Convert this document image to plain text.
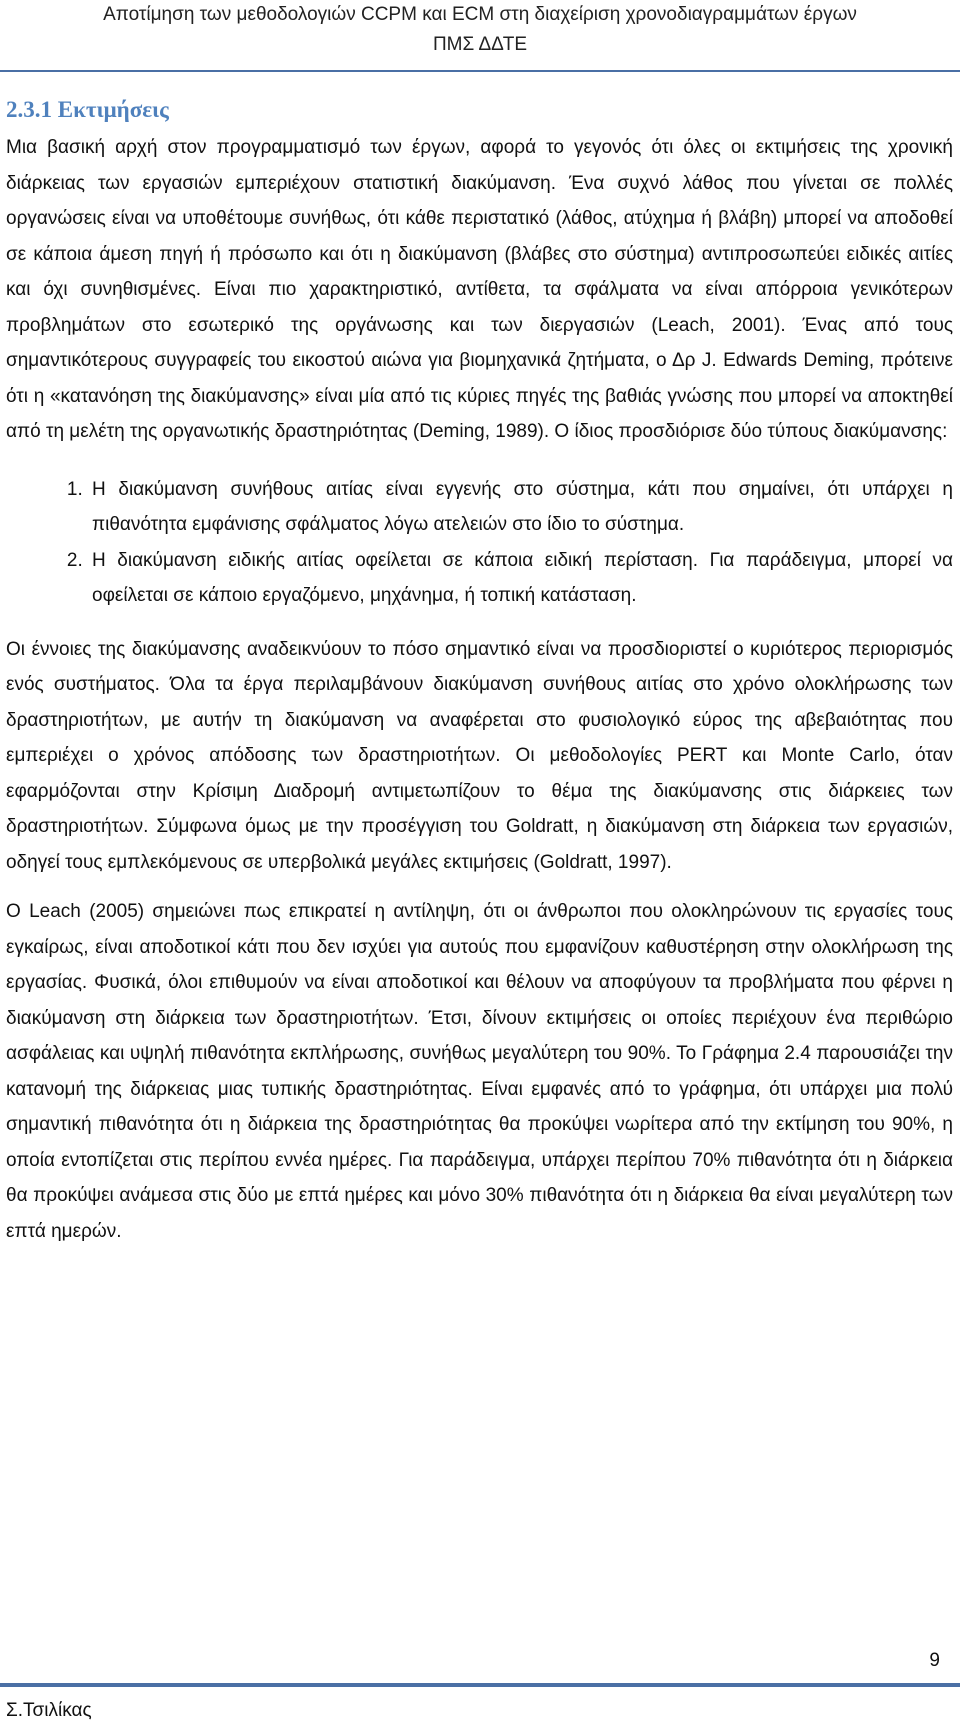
Αποτίμηση των μεθοδολογιών CCPM και ECM στη διαχείριση χρονοδιαγραμμάτων έργων
ΠΜΣ ΔΔΤΕ
2.3.1 Εκτιμήσεις

Μια βασική αρχή στον προγραμματισμό των έργων, αφορά το γεγονός ότι όλες οι εκτιμήσεις της χρονική διάρκειας των εργασιών εμπεριέχουν στατιστική διακύμανση. Ένα συχνό λάθος που γίνεται σε πολλές οργανώσεις είναι να υποθέτουμε συνήθως, ότι κάθε περιστατικό (λάθος, ατύχημα ή βλάβη) μπορεί να αποδοθεί σε κάποια άμεση πηγή ή πρόσωπο και ότι η διακύμανση (βλάβες στο σύστημα) αντιπροσωπεύει ειδικές αιτίες και όχι συνηθισμένες. Είναι πιο χαρακτηριστικό, αντίθετα, τα σφάλματα να είναι απόρροια γενικότερων προβλημάτων στο εσωτερικό της οργάνωσης και των διεργασιών (Leach, 2001). Ένας από τους σημαντικότερους συγγραφείς του εικοστού αιώνα για βιομηχανικά ζητήματα, ο Δρ J. Edwards Deming, πρότεινε ότι η «κατανόηση της διακύμανσης» είναι μία από τις κύριες πηγές της βαθιάς γνώσης που μπορεί να αποκτηθεί από τη μελέτη της οργανωτικής δραστηριότητας (Deming, 1989). Ο ίδιος προσδιόρισε δύο τύπους διακύμανσης:

1. Η διακύμανση συνήθους αιτίας είναι εγγενής στο σύστημα, κάτι που σημαίνει, ότι υπάρχει η πιθανότητα εμφάνισης σφάλματος λόγω ατελειών στο ίδιο το σύστημα.
2. Η διακύμανση ειδικής αιτίας οφείλεται σε κάποια ειδική περίσταση. Για παράδειγμα, μπορεί να οφείλεται σε κάποιο εργαζόμενο, μηχάνημα, ή τοπική κατάσταση.

Οι έννοιες της διακύμανσης αναδεικνύουν το πόσο σημαντικό είναι να προσδιοριστεί ο κυριότερος περιορισμός ενός συστήματος. Όλα τα έργα περιλαμβάνουν διακύμανση συνήθους αιτίας στο χρόνο ολοκλήρωσης των δραστηριοτήτων, με αυτήν τη διακύμανση να αναφέρεται στο φυσιολογικό εύρος της αβεβαιότητας που εμπεριέχει ο χρόνος απόδοσης των δραστηριοτήτων. Οι μεθοδολογίες PERT και Monte Carlo, όταν εφαρμόζονται στην Κρίσιμη Διαδρομή αντιμετωπίζουν το θέμα της διακύμανσης στις διάρκειες των δραστηριοτήτων. Σύμφωνα όμως με την προσέγγιση του Goldratt, η διακύμανση στη διάρκεια των εργασιών, οδηγεί τους εμπλεκόμενους σε υπερβολικά μεγάλες εκτιμήσεις (Goldratt, 1997).

Ο Leach (2005) σημειώνει πως επικρατεί η αντίληψη, ότι οι άνθρωποι που ολοκληρώνουν τις εργασίες τους εγκαίρως, είναι αποδοτικοί κάτι που δεν ισχύει για αυτούς που εμφανίζουν καθυστέρηση στην ολοκλήρωση της εργασίας. Φυσικά, όλοι επιθυμούν να είναι αποδοτικοί και θέλουν να αποφύγουν τα προβλήματα που φέρνει η διακύμανση στη διάρκεια των δραστηριοτήτων. Έτσι, δίνουν εκτιμήσεις οι οποίες περιέχουν ένα περιθώριο ασφάλειας και υψηλή πιθανότητα εκπλήρωσης, συνήθως μεγαλύτερη του 90%. Το Γράφημα 2.4 παρουσιάζει την κατανομή της διάρκειας μιας τυπικής δραστηριότητας. Είναι εμφανές από το γράφημα, ότι υπάρχει μια πολύ σημαντική πιθανότητα ότι η διάρκεια της δραστηριότητας θα προκύψει νωρίτερα από την εκτίμηση του 90%, η οποία εντοπίζεται στις περίπου εννέα ημέρες. Για παράδειγμα, υπάρχει περίπου 70% πιθανότητα ότι η διάρκεια θα προκύψει ανάμεσα στις δύο με επτά ημέρες και μόνο 30% πιθανότητα ότι η διάρκεια θα είναι μεγαλύτερη των επτά ημερών.

9
Σ.Τσιλίκας
